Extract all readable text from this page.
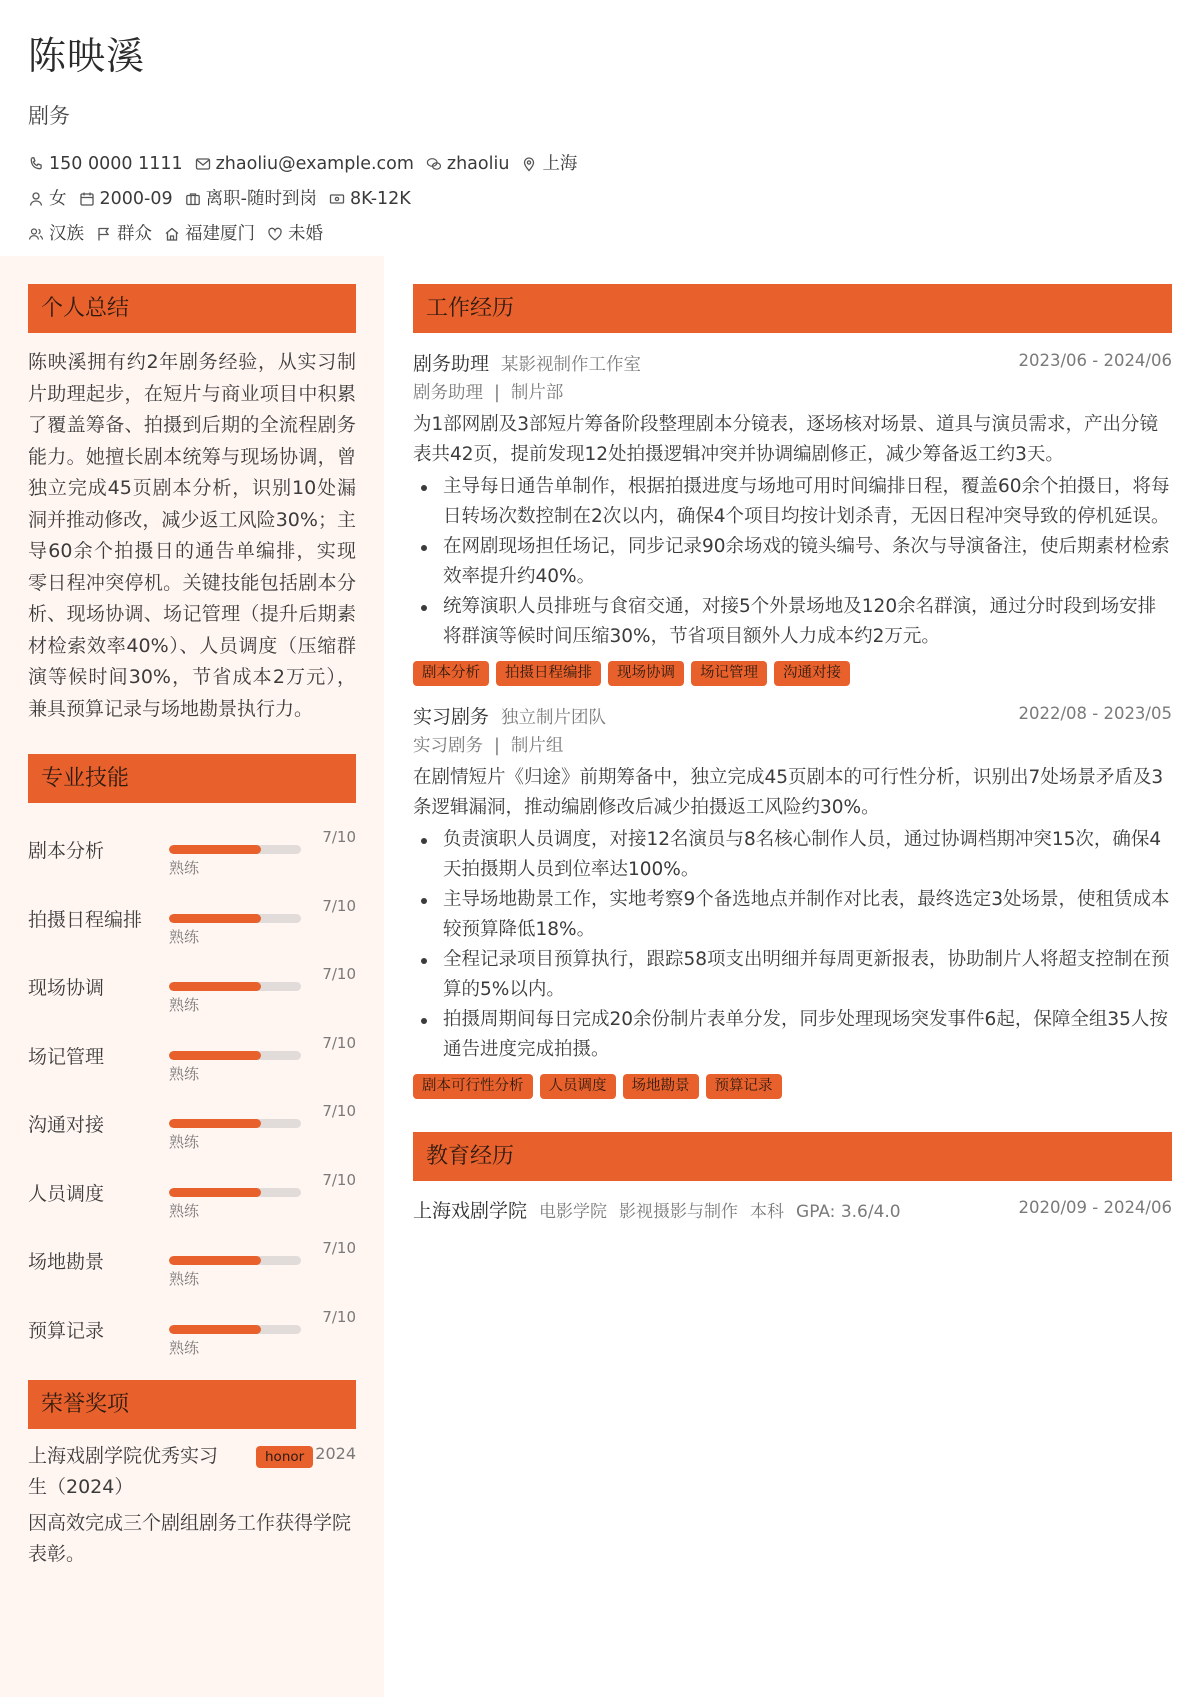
陈映溪
剧务
150 0000 1111 zhaoliu@example.com zhaoliu 上海
女 2000-09 离职-随时到岗 8K-12K
汉族 群众 福建厦门 未婚
个人总结
陈映溪拥有约2年剧务经验，从实习制片助理起步，在短片与商业项目中积累了覆盖筹备、拍摄到后期的全流程剧务能力。她擅长剧本统筹与现场协调，曾独立完成45页剧本分析，识别10处漏洞并推动修改，减少返工风险30%；主导60余个拍摄日的通告单编排，实现零日程冲突停机。关键技能包括剧本分析、现场协调、场记管理（提升后期素材检索效率40%）、人员调度（压缩群演等候时间30%，节省成本2万元），兼具预算记录与场地勘景执行力。
专业技能
剧本分析
7/10
熟练
拍摄日程编排
7/10
熟练
现场协调
7/10
熟练
场记管理
7/10
熟练
沟通对接
7/10
熟练
人员调度
7/10
熟练
场地勘景
7/10
熟练
预算记录
7/10
熟练
荣誉奖项
上海戏剧学院优秀实习生（2024）
honor 2024
因高效完成三个剧组剧务工作获得学院表彰。
工作经历
剧务助理 某影视制作工作室	2023/06 - 2024/06
剧务助理 | 制片部
为1部网剧及3部短片筹备阶段整理剧本分镜表，逐场核对场景、道具与演员需求，产出分镜表共42页，提前发现12处拍摄逻辑冲突并协调编剧修正，减少筹备返工约3天。
主导每日通告单制作，根据拍摄进度与场地可用时间编排日程，覆盖60余个拍摄日，将每日转场次数控制在2次以内，确保4个项目均按计划杀青，无因日程冲突导致的停机延误。
在网剧现场担任场记，同步记录90余场戏的镜头编号、条次与导演备注，使后期素材检索效率提升约40%。
统筹演职人员排班与食宿交通，对接5个外景场地及120余名群演，通过分时段到场安排将群演等候时间压缩30%，节省项目额外人力成本约2万元。
剧本分析	拍摄日程编排	现场协调	场记管理	沟通对接
实习剧务 独立制片团队	2022/08 - 2023/05
实习剧务 | 制片组
在剧情短片《归途》前期筹备中，独立完成45页剧本的可行性分析，识别出7处场景矛盾及3条逻辑漏洞，推动编剧修改后减少拍摄返工风险约30%。
负责演职人员调度，对接12名演员与8名核心制作人员，通过协调档期冲突15次，确保4天拍摄期人员到位率达100%。
主导场地勘景工作，实地考察9个备选地点并制作对比表，最终选定3处场景，使租赁成本较预算降低18%。
全程记录项目预算执行，跟踪58项支出明细并每周更新报表，协助制片人将超支控制在预算的5%以内。
拍摄周期间每日完成20余份制片表单分发，同步处理现场突发事件6起，保障全组35人按通告进度完成拍摄。
剧本可行性分析	人员调度	场地勘景	预算记录
教育经历
上海戏剧学院 电影学院 影视摄影与制作 本科 GPA: 3.6/4.0	2020/09 - 2024/06
